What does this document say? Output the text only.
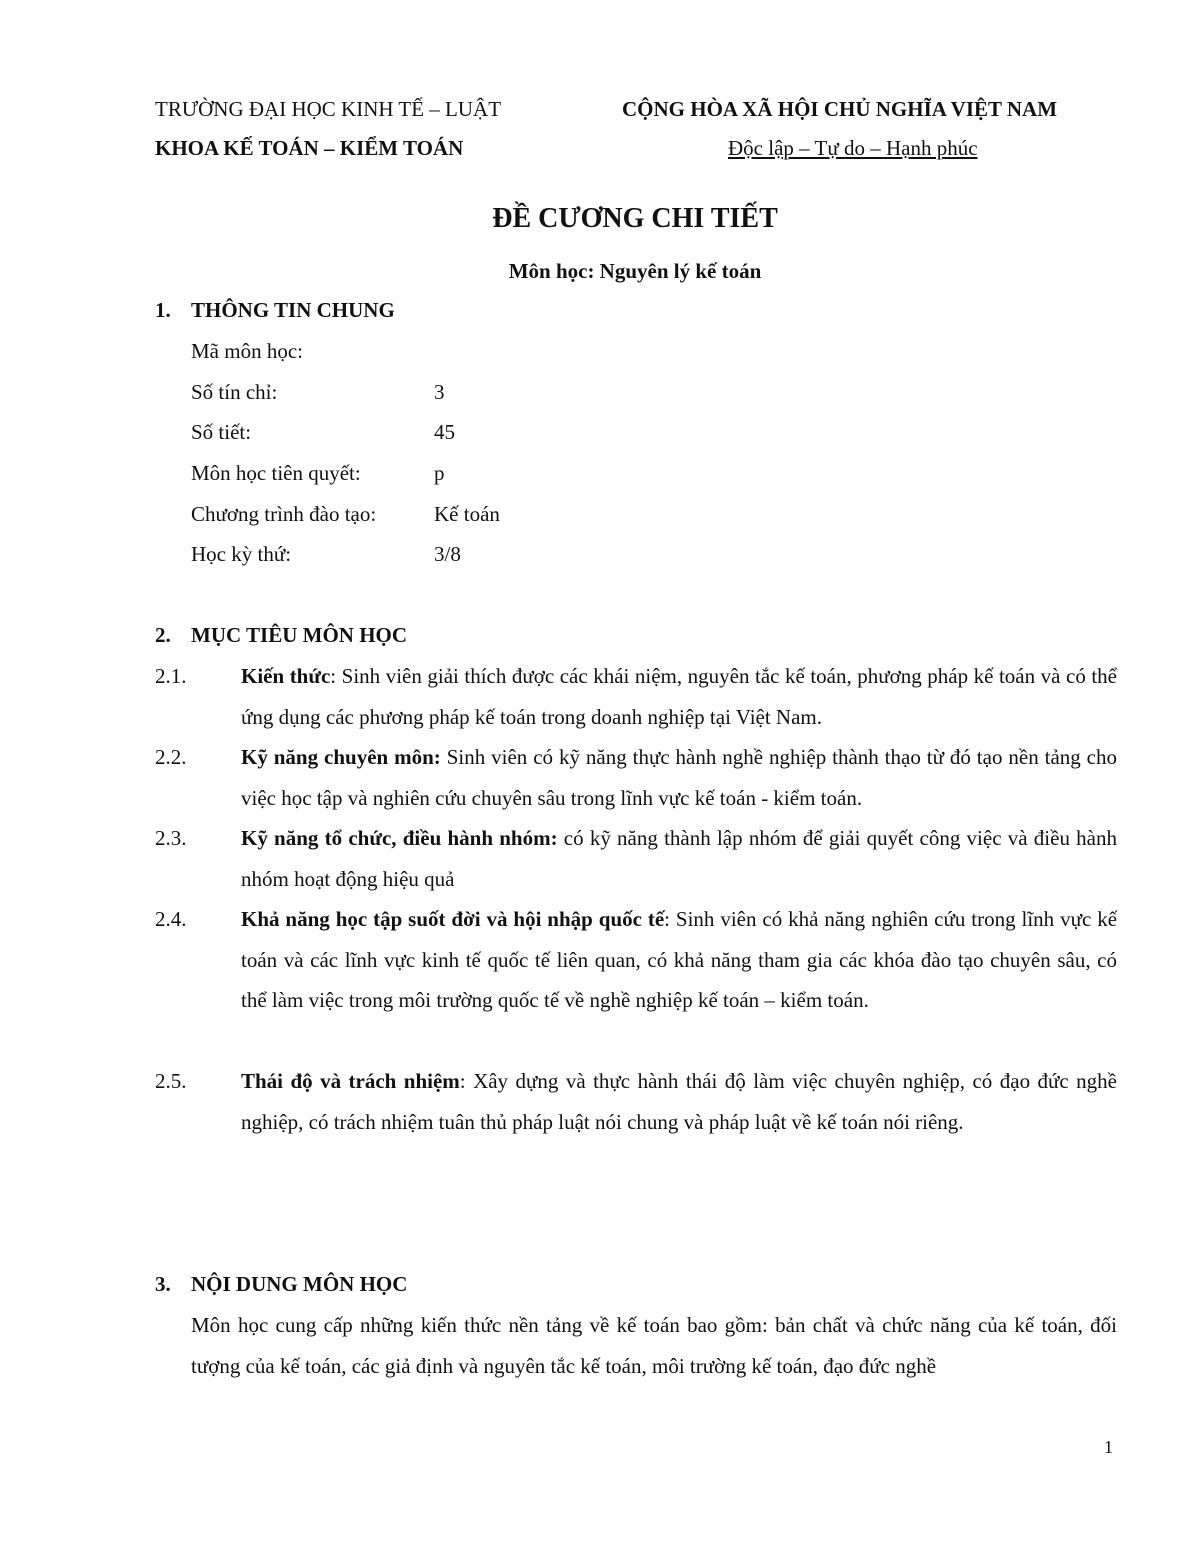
TRƯỜNG ĐẠI HỌC KINH TẾ – LUẬT
KHOA KẾ TOÁN – KIỂM TOÁN
CỘNG HÒA XÃ HỘI CHỦ NGHĨA VIỆT NAM
Độc lập – Tự do – Hạnh phúc
ĐỀ CƯƠNG CHI TIẾT
Môn học: Nguyên lý kế toán
1. THÔNG TIN CHUNG
Mã môn học:
Số tín chỉ:	3
Số tiết:	45
Môn học tiên quyết:	p
Chương trình đào tạo:	Kế toán
Học kỳ thứ:	3/8
2. MỤC TIÊU MÔN HỌC
2.1.	Kiến thức: Sinh viên giải thích được các khái niệm, nguyên tắc kế toán, phương pháp kế toán và có thể ứng dụng các phương pháp kế toán trong doanh nghiệp tại Việt Nam.
2.2.	Kỹ năng chuyên môn: Sinh viên có kỹ năng thực hành nghề nghiệp thành thạo từ đó tạo nền tảng cho việc học tập và nghiên cứu chuyên sâu trong lĩnh vực kế toán - kiểm toán.
2.3.	Kỹ năng tổ chức, điều hành nhóm: có kỹ năng thành lập nhóm để giải quyết công việc và điều hành nhóm hoạt động hiệu quả
2.4.	Khả năng học tập suốt đời và hội nhập quốc tế: Sinh viên có khả năng nghiên cứu trong lĩnh vực kế toán và các lĩnh vực kinh tế quốc tế liên quan, có khả năng tham gia các khóa đào tạo chuyên sâu, có thể làm việc trong môi trường quốc tế về nghề nghiệp kế toán – kiểm toán.
2.5.	Thái độ và trách nhiệm: Xây dựng và thực hành thái độ làm việc chuyên nghiệp, có đạo đức nghề nghiệp, có trách nhiệm tuân thủ pháp luật nói chung và pháp luật về kế toán nói riêng.
3. NỘI DUNG MÔN HỌC
Môn học cung cấp những kiến thức nền tảng về kế toán bao gồm: bản chất và chức năng của kế toán, đối tượng của kế toán, các giả định và nguyên tắc kế toán, môi trường kế toán, đạo đức nghề
1
